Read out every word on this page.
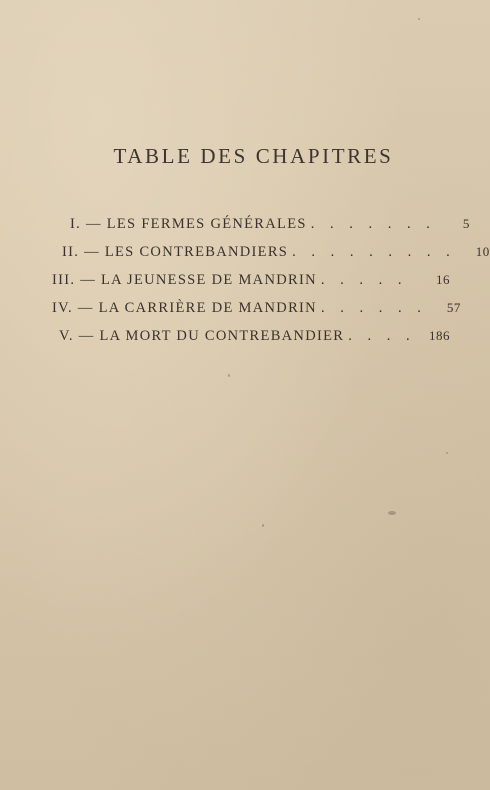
TABLE DES CHAPITRES
I. — LES FERMES GÉNÉRALES . . . . . . .	5
II. — LES CONTREBANDIERS . . . . . . . . .	10
III. — LA JEUNESSE DE MANDRIN . . . . .	16
IV. — LA CARRIÈRE DE MANDRIN . . . . . .	57
V. — LA MORT DU CONTREBANDIER . . . .	186
